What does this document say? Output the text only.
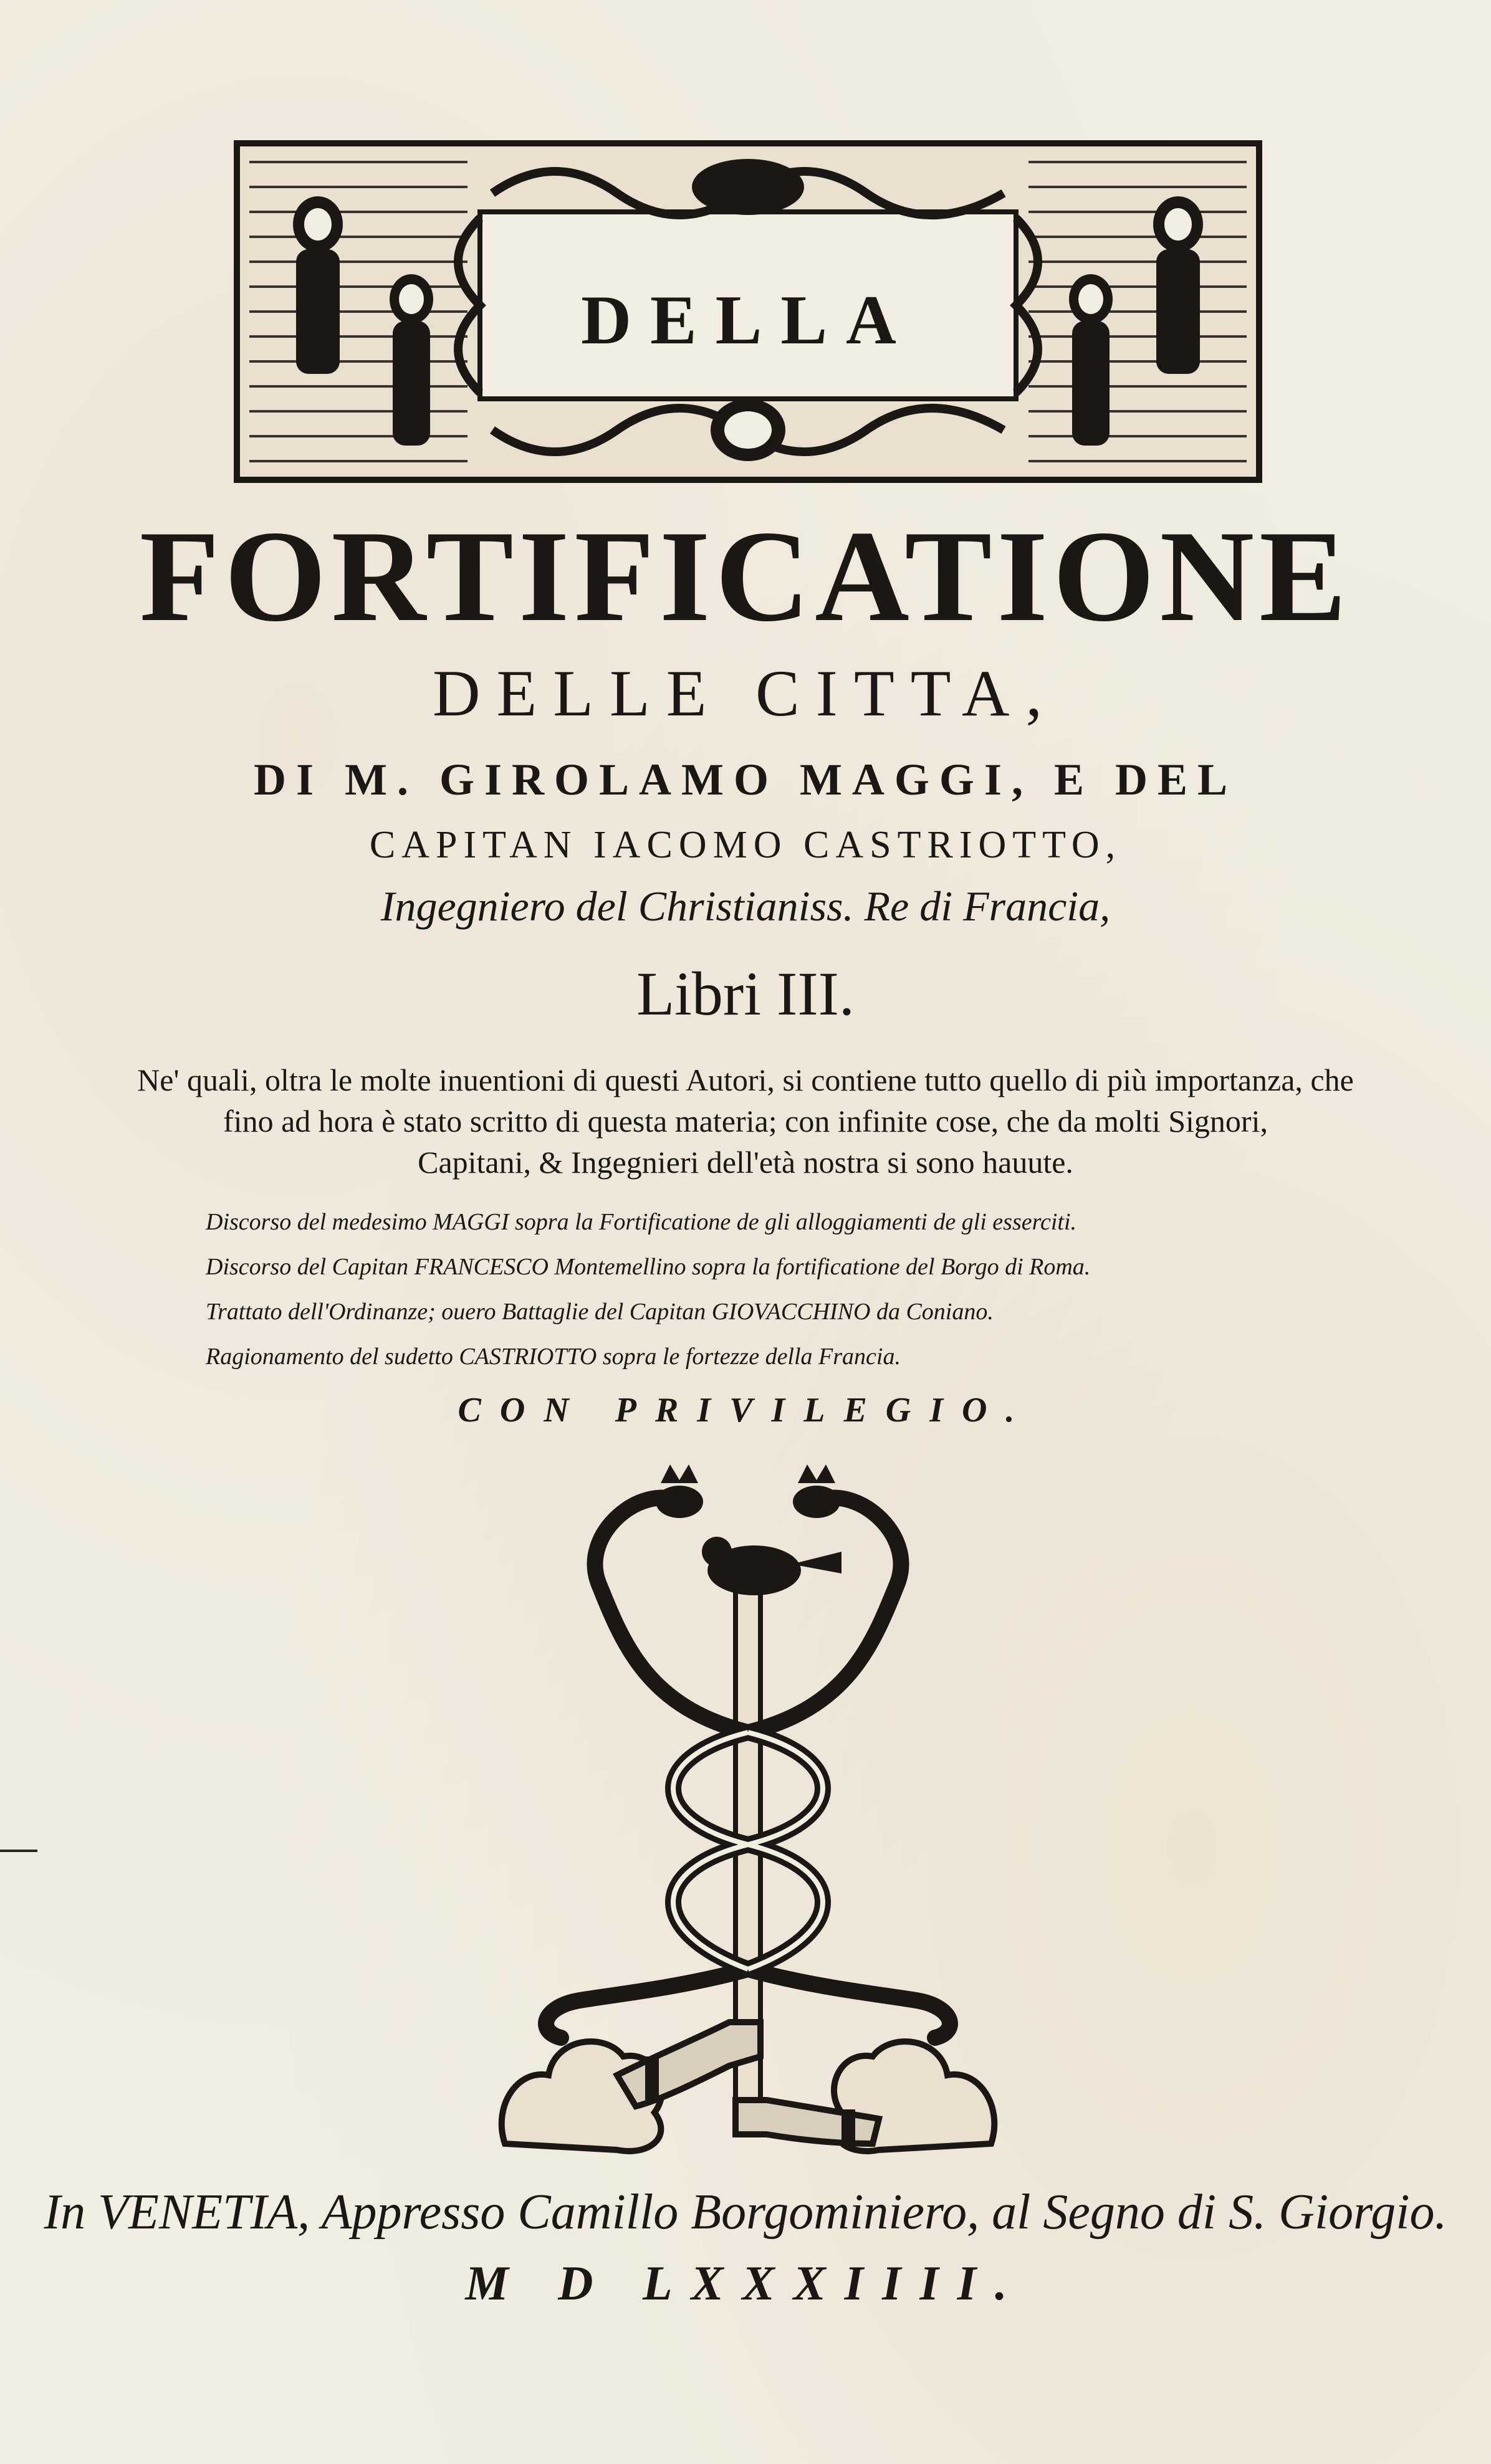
DELLA
FORTIFICATIONE
DELLE CITTA,
DI M. GIROLAMO MAGGI, E DEL
CAPITAN IACOMO CASTRIOTTO,
Ingegniero del Christianiss. Re di Francia,
Libri III.
Ne' quali, oltra le molte inuentioni di questi Autori, si contiene tutto quello di più importanza, che
fino ad hora è stato scritto di questa materia; con infinite cose, che da molti Signori,
Capitani, & Ingegnieri dell'età nostra si sono hauute.
Discorso del medesimo MAGGI sopra la Fortificatione de gli alloggiamenti de gli esserciti.
Discorso del Capitan FRANCESCO Montemellino sopra la fortificatione del Borgo di Roma.
Trattato dell'Ordinanze; ouero Battaglie del Capitan GIOVACCHINO da Coniano.
Ragionamento del sudetto CASTRIOTTO sopra le fortezze della Francia.
CON PRIVILEGIO.
In VENETIA, Appresso Camillo Borgominiero, al Segno di S. Giorgio.
M D LXXXIIII.
